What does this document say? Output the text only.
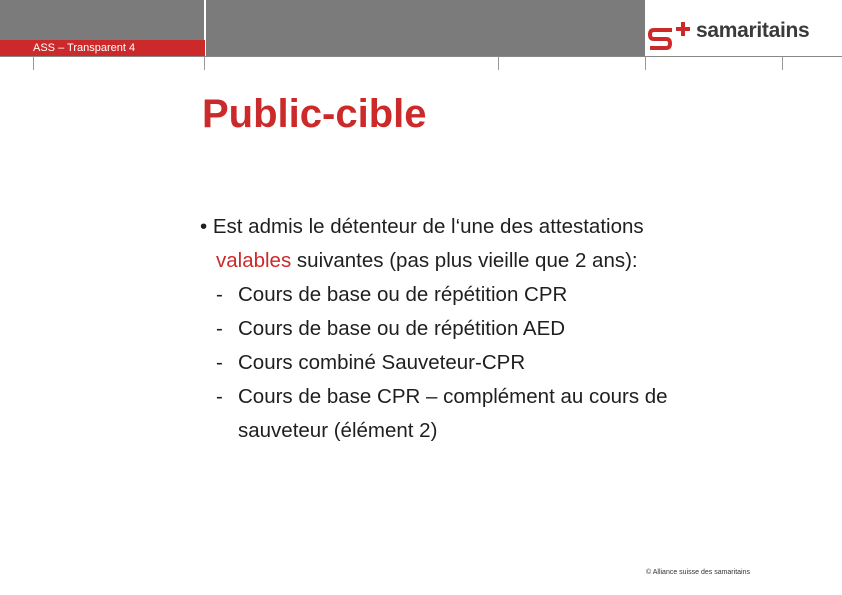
ASS – Transparent 4
samaritains
Public-cible
• Est admis le détenteur de l‘une des attestations
valables suivantes (pas plus vieille que 2 ans):
- Cours de base ou de répétition CPR
- Cours de base ou de répétition AED
- Cours combiné Sauveteur-CPR
- Cours de base CPR – complément au cours de
sauveteur (élément 2)
© Alliance suisse des samaritains
